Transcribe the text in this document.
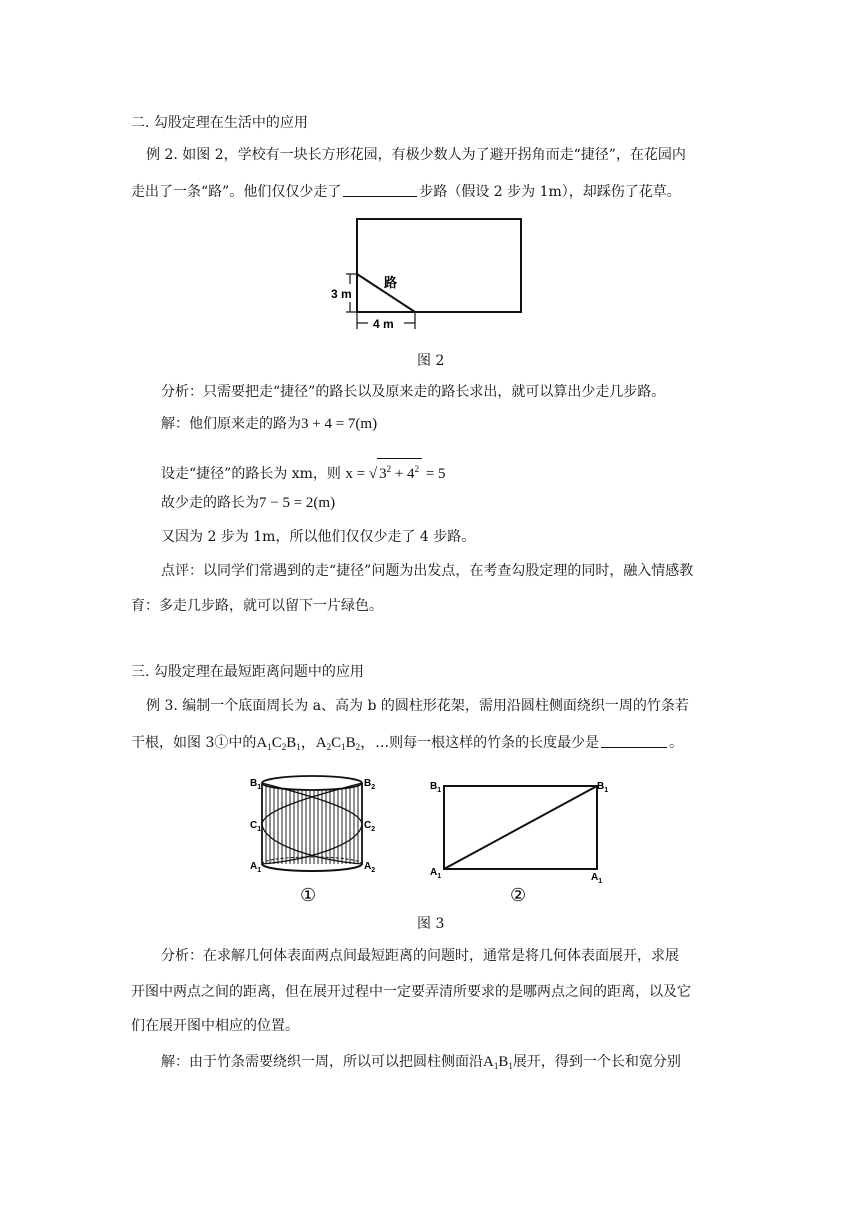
二. 勾股定理在生活中的应用
例 2. 如图 2，学校有一块长方形花园，有极少数人为了避开拐角而走“捷径”，在花园内
走出了一条“路”。他们仅仅少走了	步路（假设 2 步为 1m），却踩伤了花草。
路
3 m
4 m
图 2
分析：只需要把走“捷径”的路长以及原来走的路长求出，就可以算出少走几步路。
解：他们原来走的路为3 + 4 = 7(m)
设走“捷径”的路长为 xm，则 x = √ $3^2 + 4^2 = 5$
故少走的路长为7 − 5 = 2(m)
又因为 2 步为 1m，所以他们仅仅少走了 4 步路。
点评：以同学们常遇到的走“捷径”问题为出发点，在考查勾股定理的同时，融入情感教
育：多走几步路，就可以留下一片绿色。
三. 勾股定理在最短距离问题中的应用
例 3. 编制一个底面周长为 a、高为 b 的圆柱形花架，需用沿圆柱侧面绕织一周的竹条若
干根，如图 3①中的$A_1C_2B_1$，$A_2C_1B_2$，…则每一根这样的竹条的长度最少是	。
$B_1$	$B_2$
$C_1$	$C_2$
$A_1$	$A_2$
①
$B_1$	$B_1$
$A_1$	$A_1$
②
图 3
分析：在求解几何体表面两点间最短距离的问题时，通常是将几何体表面展开，求展
开图中两点之间的距离，但在展开过程中一定要弄清所要求的是哪两点之间的距离，以及它
们在展开图中相应的位置。
解：由于竹条需要绕织一周，所以可以把圆柱侧面沿$A_1B_1$展开，得到一个长和宽分别
